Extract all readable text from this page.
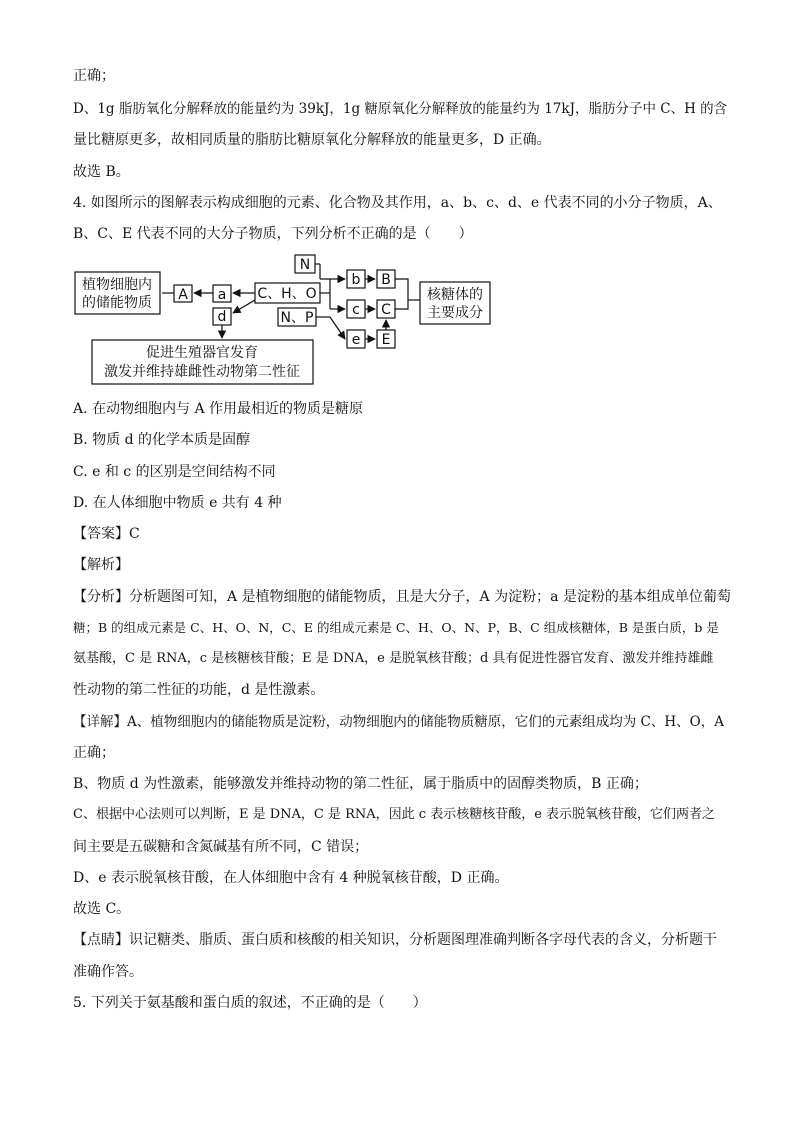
正确；
D、1g 脂肪氧化分解释放的能量约为 39kJ，1g 糖原氧化分解释放的能量约为 17kJ，脂肪分子中 C、H 的含
量比糖原更多，故相同质量的脂肪比糖原氧化分解释放的能量更多，D 正确。
故选 B。
4. 如图所示的图解表示构成细胞的元素、化合物及其作用，a、b、c、d、e 代表不同的小分子物质，A、
B、C、E 代表不同的大分子物质，下列分析不正确的是（　　）
植物细胞内
的储能物质 A a C、H、O
N
N、P
b B
c C
e E
d
核糖体的
主要成分
促进生殖器官发育
激发并维持雄雌性动物第二性征
A. 在动物细胞内与 A 作用最相近的物质是糖原
B. 物质 d 的化学本质是固醇
C. e 和 c 的区别是空间结构不同
D. 在人体细胞中物质 e 共有 4 种
【答案】C
【解析】
【分析】分析题图可知，A 是植物细胞的储能物质，且是大分子，A 为淀粉；a 是淀粉的基本组成单位葡萄
糖；B 的组成元素是 C、H、O、N，C、E 的组成元素是 C、H、O、N、P，B、C 组成核糖体，B 是蛋白质，b 是
氨基酸，C 是 RNA，c 是核糖核苷酸；E 是 DNA，e 是脱氧核苷酸；d 具有促进性器官发育、激发并维持雄雌
性动物的第二性征的功能，d 是性激素。
【详解】A、植物细胞内的储能物质是淀粉，动物细胞内的储能物质糖原，它们的元素组成均为 C、H、O，A
正确；
B、物质 d 为性激素，能够激发并维持动物的第二性征，属于脂质中的固醇类物质，B 正确；
C、根据中心法则可以判断，E 是 DNA，C 是 RNA，因此 c 表示核糖核苷酸，e 表示脱氧核苷酸，它们两者之
间主要是五碳糖和含氮碱基有所不同，C 错误；
D、e 表示脱氧核苷酸，在人体细胞中含有 4 种脱氧核苷酸，D 正确。
故选 C。
【点睛】识记糖类、脂质、蛋白质和核酸的相关知识，分析题图理准确判断各字母代表的含义，分析题干
准确作答。
5. 下列关于氨基酸和蛋白质的叙述，不正确的是（　　）
